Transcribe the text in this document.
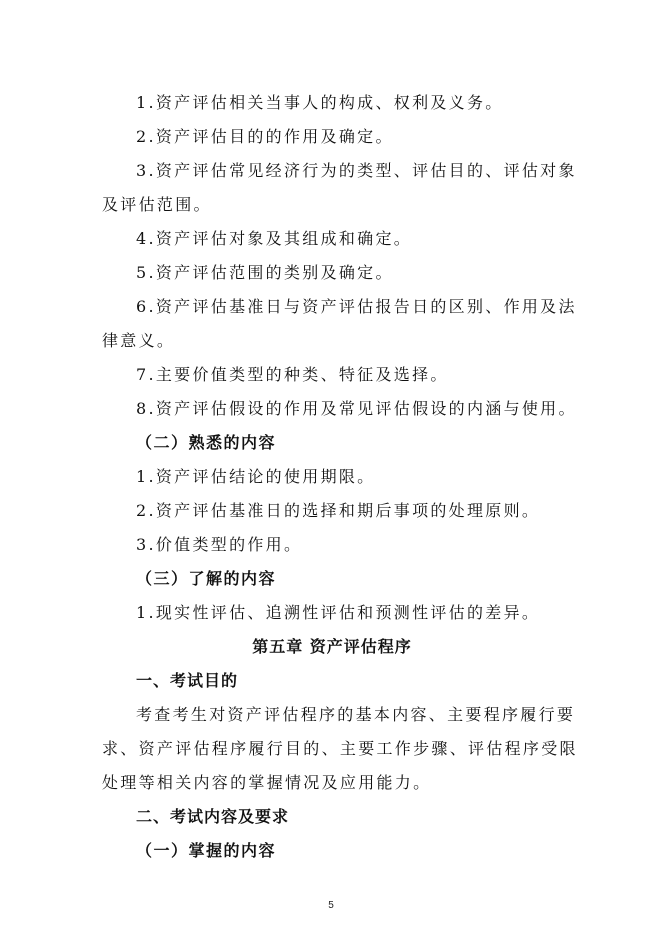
1.资产评估相关当事人的构成、权利及义务。

2.资产评估目的的作用及确定。

3.资产评估常见经济行为的类型、评估目的、评估对象

及评估范围。

4.资产评估对象及其组成和确定。

5.资产评估范围的类别及确定。

6.资产评估基准日与资产评估报告日的区别、作用及法

律意义。

7.主要价值类型的种类、特征及选择。

8.资产评估假设的作用及常见评估假设的内涵与使用。

（二）熟悉的内容

1.资产评估结论的使用期限。

2.资产评估基准日的选择和期后事项的处理原则。

3.价值类型的作用。

（三）了解的内容

1.现实性评估、追溯性评估和预测性评估的差异。

第五章 资产评估程序

一、考试目的

考查考生对资产评估程序的基本内容、主要程序履行要

求、资产评估程序履行目的、主要工作步骤、评估程序受限

处理等相关内容的掌握情况及应用能力。

二、考试内容及要求

（一）掌握的内容

5
